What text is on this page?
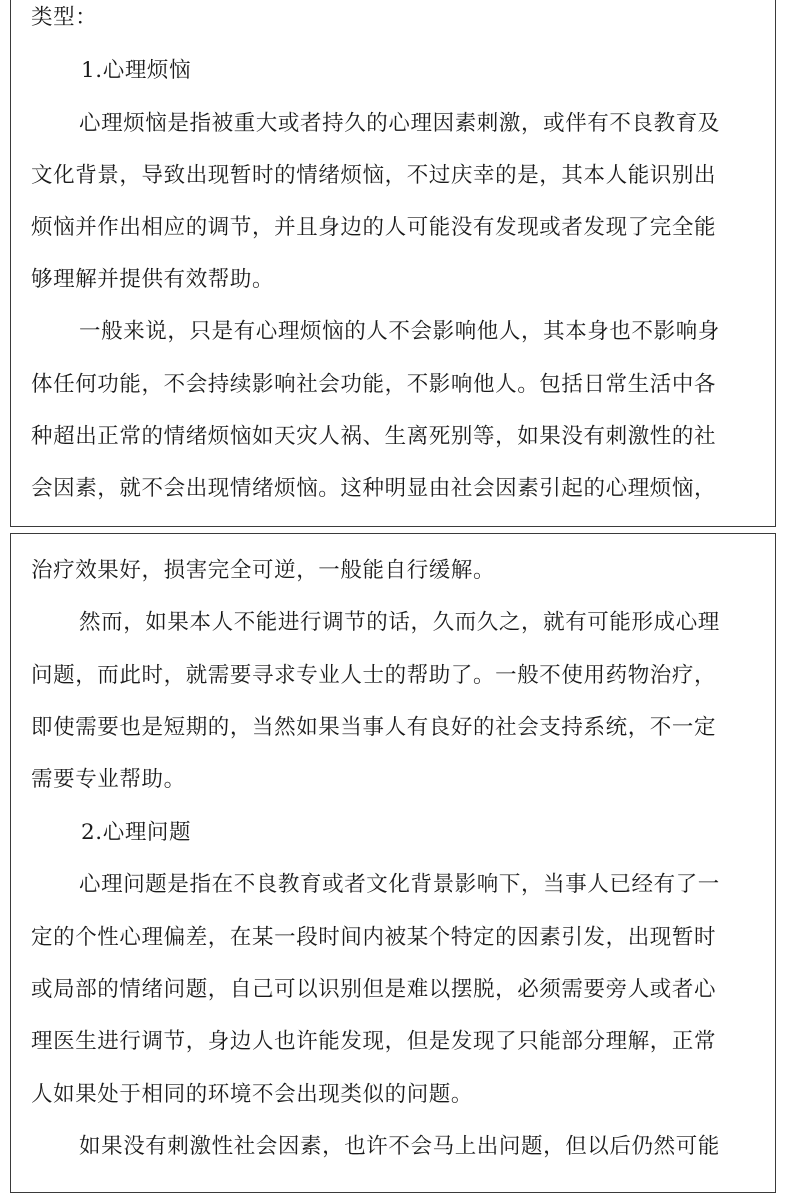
类型：
1.心理烦恼
心理烦恼是指被重大或者持久的心理因素刺激，或伴有不良教育及
文化背景，导致出现暂时的情绪烦恼，不过庆幸的是，其本人能识别出
烦恼并作出相应的调节，并且身边的人可能没有发现或者发现了完全能
够理解并提供有效帮助。
一般来说，只是有心理烦恼的人不会影响他人，其本身也不影响身
体任何功能，不会持续影响社会功能，不影响他人。包括日常生活中各
种超出正常的情绪烦恼如天灾人祸、生离死别等，如果没有刺激性的社
会因素，就不会出现情绪烦恼。这种明显由社会因素引起的心理烦恼，
治疗效果好，损害完全可逆，一般能自行缓解。
然而，如果本人不能进行调节的话，久而久之，就有可能形成心理
问题，而此时，就需要寻求专业人士的帮助了。一般不使用药物治疗，
即使需要也是短期的，当然如果当事人有良好的社会支持系统，不一定
需要专业帮助。
2.心理问题
心理问题是指在不良教育或者文化背景影响下，当事人已经有了一
定的个性心理偏差，在某一段时间内被某个特定的因素引发，出现暂时
或局部的情绪问题，自己可以识别但是难以摆脱，必须需要旁人或者心
理医生进行调节，身边人也许能发现，但是发现了只能部分理解，正常
人如果处于相同的环境不会出现类似的问题。
如果没有刺激性社会因素，也许不会马上出问题，但以后仍然可能
